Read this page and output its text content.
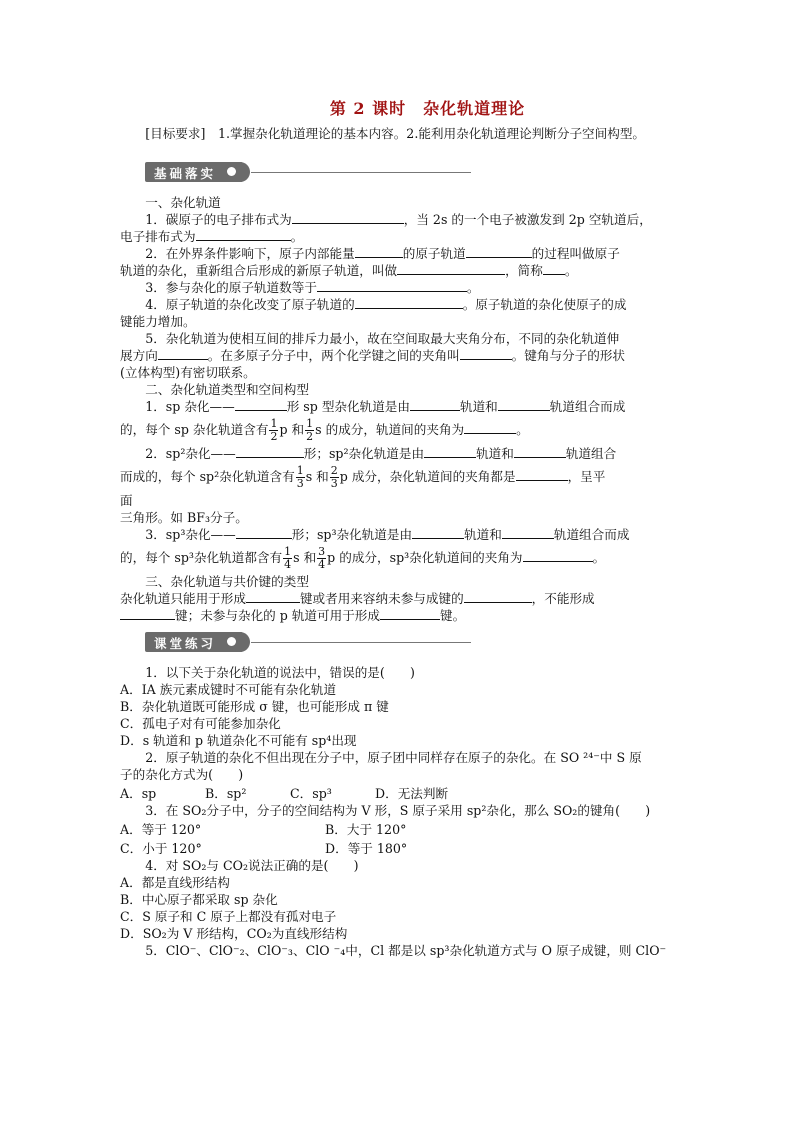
第 2 课时　杂化轨道理论

[目标要求]　1.掌握杂化轨道理论的基本内容。2.能利用杂化轨道理论判断分子空间构型。

基础落实

一、杂化轨道

1．碳原子的电子排布式为	，当 2s 的一个电子被激发到 2p 空轨道后，

电子排布式为	。

2．在外界条件影响下，原子内部能量	的原子轨道	的过程叫做原子

轨道的杂化，重新组合后形成的新原子轨道，叫做	，简称 。

3．参与杂化的原子轨道数等于	。

4．原子轨道的杂化改变了原子轨道的	。原子轨道的杂化使原子的成

键能力增加。

5．杂化轨道为使相互间的排斥力最小，故在空间取最大夹角分布，不同的杂化轨道伸

展方向	。在多原子分子中，两个化学键之间的夹角叫	。键角与分子的形状

(立体构型)有密切联系。

二、杂化轨道类型和空间构型

1．sp 杂化——	形 sp 型杂化轨道是由	轨道和	轨道组合而成

的，每个 sp 杂化轨道含有 $\frac{1}{2}$ p 和 $\frac{1}{2}$ s 的成分，轨道间的夹角为	。

2．sp²杂化——	形；sp²杂化轨道是由	轨道和	轨道组合

而成的，每个 sp²杂化轨道含有 $\frac{1}{3}$ s 和 $\frac{2}{3}$ p 成分，杂化轨道间的夹角都是	，呈平

面

三角形。如 BF₃分子。

3．sp³杂化——	形；sp³杂化轨道是由	轨道和	轨道组合而成

的，每个 sp³杂化轨道都含有 $\frac{1}{4}$ s 和 $\frac{3}{4}$ p 的成分，sp³杂化轨道间的夹角为	。

三、杂化轨道与共价键的类型

杂化轨道只能用于形成	键或者用来容纳未参与成键的	，不能形成

键；未参与杂化的 p 轨道可用于形成	键。

课堂练习

1．以下关于杂化轨道的说法中，错误的是(　　)

A．ⅠA 族元素成键时不可能有杂化轨道

B．杂化轨道既可能形成 σ 键，也可能形成 π 键

C．孤电子对有可能参加杂化

D．s 轨道和 p 轨道杂化不可能有 sp⁴出现

2．原子轨道的杂化不但出现在分子中，原子团中同样存在原子的杂化。在 SO ²⁴⁻中 S 原

子的杂化方式为(　　)

A．sp	B．sp²	C．sp³	D．无法判断

3．在 SO₂分子中，分子的空间结构为 V 形，S 原子采用 sp²杂化，那么 SO₂的键角(　　)

A．等于 120°	B．大于 120°
C．小于 120°	D．等于 180°

4．对 SO₂与 CO₂说法正确的是(　　)

A．都是直线形结构

B．中心原子都采取 sp 杂化

C．S 原子和 C 原子上都没有孤对电子

D．SO₂为 V 形结构，CO₂为直线形结构

5．ClO⁻、ClO⁻₂、ClO⁻₃、ClO ⁻₄中，Cl 都是以 sp³杂化轨道方式与 O 原子成键，则 ClO⁻
